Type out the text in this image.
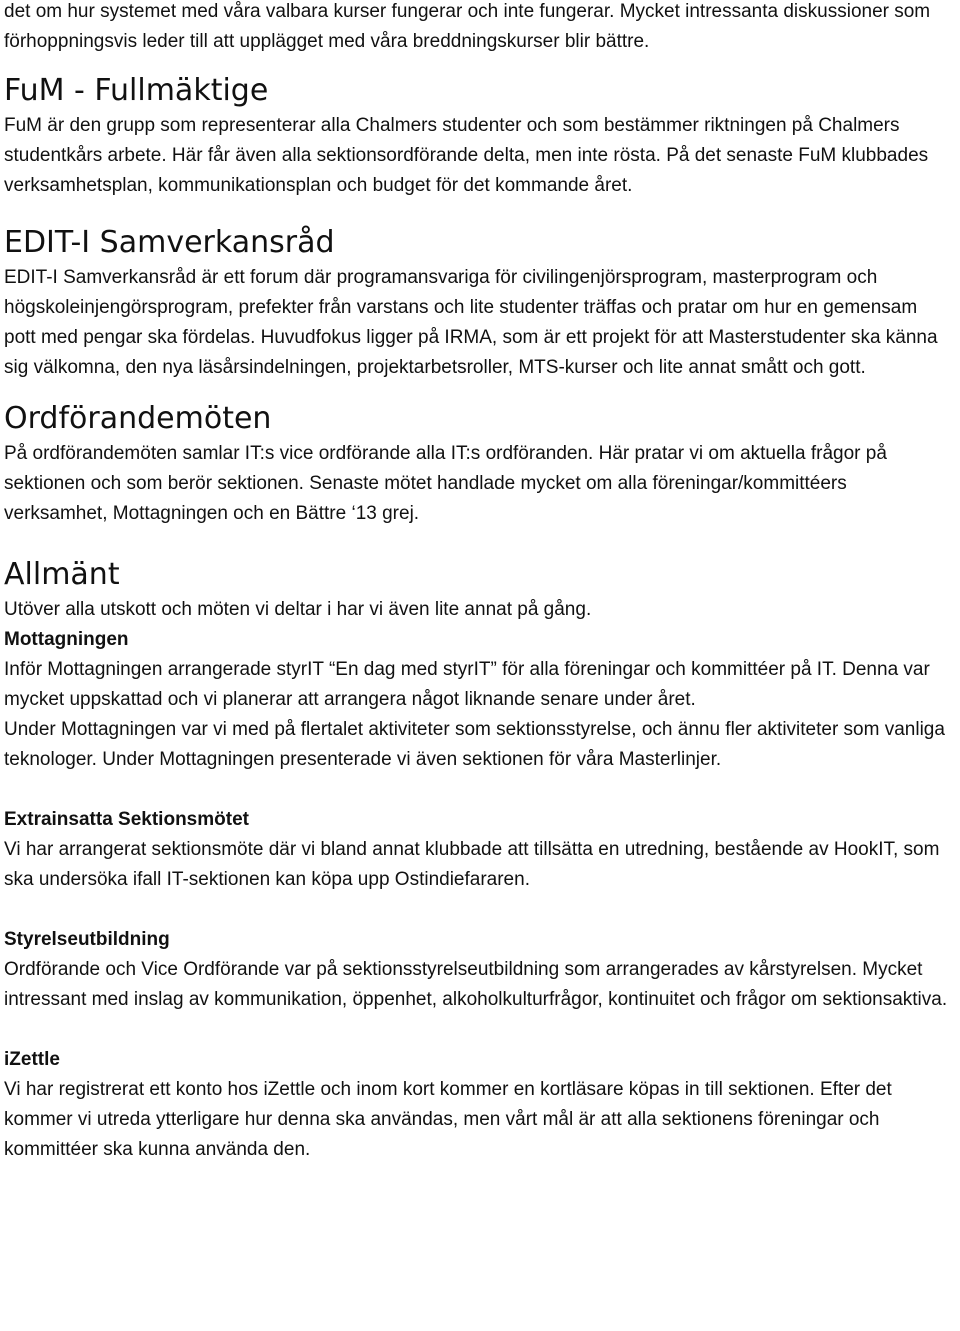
det om hur systemet med våra valbara kurser fungerar och inte fungerar. Mycket intressanta diskussioner som förhoppningsvis leder till att upplägget med våra breddningskurser blir bättre.

FuM - Fullmäktige

FuM är den grupp som representerar alla Chalmers studenter och som bestämmer riktningen på Chalmers studentkårs arbete. Här får även alla sektionsordförande delta, men inte rösta. På det senaste FuM klubbades verksamhetsplan, kommunikationsplan och budget för det kommande året.

EDIT-I Samverkansråd

EDIT-I Samverkansråd är ett forum där programansvariga för civilingenjörsprogram, masterprogram och högskoleinjengörsprogram, prefekter från varstans och lite studenter träffas och pratar om hur en gemensam pott med pengar ska fördelas. Huvudfokus ligger på IRMA, som är ett projekt för att Masterstudenter ska känna sig välkomna, den nya läsårsindelningen, projektarbetsroller, MTS-kurser och lite annat smått och gott.

Ordförandemöten

På ordförandemöten samlar IT:s vice ordförande alla IT:s ordföranden. Här pratar vi om aktuella frågor på sektionen och som berör sektionen. Senaste mötet handlade mycket om alla föreningar/kommittéers verksamhet, Mottagningen och en Bättre ‘13 grej.

Allmänt

Utöver alla utskott och möten vi deltar i har vi även lite annat på gång.

Mottagningen

Inför Mottagningen arrangerade styrIT “En dag med styrIT” för alla föreningar och kommittéer på IT. Denna var mycket uppskattad och vi planerar att arrangera något liknande senare under året.

Under Mottagningen var vi med på flertalet aktiviteter som sektionsstyrelse, och ännu fler aktiviteter som vanliga teknologer. Under Mottagningen presenterade vi även sektionen för våra Masterlinjer.

Extrainsatta Sektionsmötet

Vi har arrangerat sektionsmöte där vi bland annat klubbade att tillsätta en utredning, bestående av HookIT, som ska undersöka ifall IT-sektionen kan köpa upp Ostindiefararen.

Styrelseutbildning

Ordförande och Vice Ordförande var på sektionsstyrelseutbildning som arrangerades av kårstyrelsen. Mycket intressant med inslag av kommunikation, öppenhet, alkoholkulturfrågor, kontinuitet och frågor om sektionsaktiva.

iZettle

Vi har registrerat ett konto hos iZettle och inom kort kommer en kortläsare köpas in till sektionen. Efter det kommer vi utreda ytterligare hur denna ska användas, men vårt mål är att alla sektionens föreningar och kommittéer ska kunna använda den.
